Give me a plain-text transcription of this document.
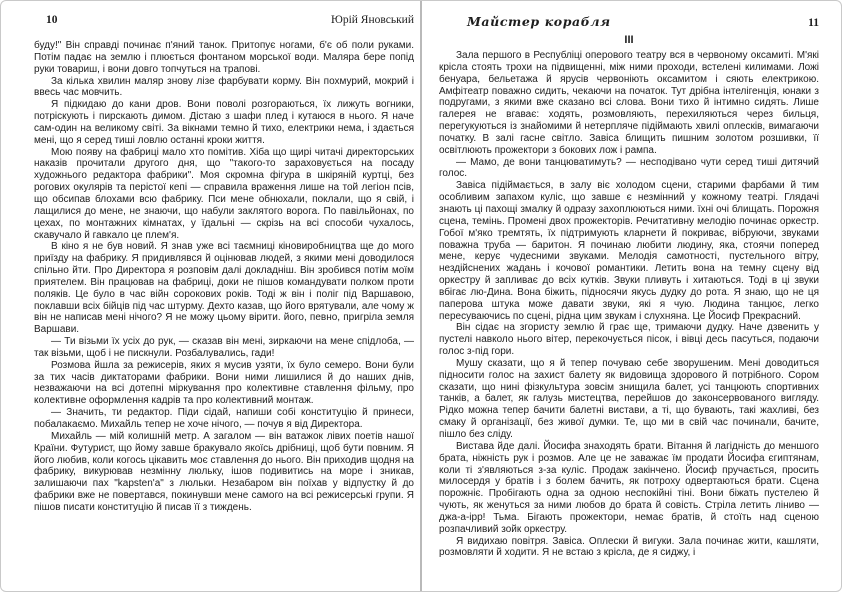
10	Юрій Яновський

буду!" Він справді починає п'яний танок. Притопує ногами, б'є об поли руками. Потім падає на землю і плюється фонтаном морської води. Маляра бере попід руки товариш, і вони довго топчуться на трапові.

За кілька хвилин маляр знову лізе фарбувати корму. Він похмурий, мокрий і ввесь час мовчить.

Я підкидаю до кани дров. Вони поволі розгораються, їх лижуть вогники, потріскують і пирскають димом. Дістаю з шафи плед і кутаюся в нього. Я наче сам-один на великому світі. За вікнами темно й тихо, електрики нема, і здається мені, що я серед тиші ловлю останні кроки життя.

Мою появу на фабриці мало хто помітив. Хіба що щирі читачі директорських наказів прочитали другого дня, що "такого-то зараховується на посаду художнього редактора фабрики". Моя скромна фігура в шкіряній куртці, без рогових окулярів та перістої кепі — справила враження лише на той легіон псів, що обсипав блохами всю фабрику. Пси мене обнюхали, поклали, що я свій, і лащилися до мене, не знаючи, що набули заклятого ворога. По павільйонах, по цехах, по монтажних кімнатах, у їдальні — скрізь на всі способи чухалось, скавучало й гавкало це плем'я.

В кіно я не був новий. Я знав уже всі таємниці кіновиробництва ще до мого приїзду на фабрику. Я придивлявся й оцінював людей, з якими мені доводилося спільно йти. Про Директора я розповім далі докладніш. Він зробився потім моїм приятелем. Він працював на фабриці, доки не пішов командувати полком проти поляків. Це було в час війн сорокових років. Тоді ж він і поліг під Варшавою, поклавши всіх бійців під час штурму. Дехто казав, що його врятували, але чому ж він не написав мені нічого? Я не можу цьому вірити. його, певно, пригріла земля Варшави.

— Ти візьми їх усіх до рук, — сказав він мені, зиркаючи на мене спідлоба, — так візьми, щоб і не пискнули. Розбалувались, гади!

Розмова йшла за режисерів, яких я мусив узяти, їх було семеро. Вони були за тих часів диктаторами фабрики. Вони ними лишилися й до наших днів, незважаючи на всі дотепні міркування про колективне ставлення фільму, про колективне оформлення кадрів та про колективний монтаж.

— Значить, ти редактор. Піди сідай, напиши собі конституцію й принеси, побалакаємо. Михайль тепер не хоче нічого, — почув я від Директора.

Михайль — мій колишній метр. А загалом — він ватажок лівих поетів нашої Країни. Футурист, що йому завше бракувало якоїсь дрібниці, щоб бути повним. Я його любив, коли когось цікавить моє ставлення до нього. Він приходив щодня на фабрику, викурював незмінну люльку, ішов подивитись на море і зникав, залишаючи пах "kapsten'a" з люльки. Незабаром він поїхав у відпустку й до фабрики вже не повертався, покинувши мене самого на всі режисерські групи. Я пішов писати конституцію й писав її з тиждень.

Майстер корабля	11
III

Зала першого в Республіці оперового театру вся в червоному оксамиті. М'які крісла стоять трохи на підвищенні, між ними проходи, встелені килимами. Ложі бенуара, бельетажа й ярусів червоніють оксамитом і сяють електрикою. Амфітеатр поважно сидить, чекаючи на початок. Тут дрібна інтелігенція, юнаки з подругами, з якими вже сказано всі слова. Вони тихо й інтимно сидять. Лише галерея не вгаває: ходять, розмовляють, перехиляються через бильця, перегукуються із знайомими й нетерпляче підіймають хвилі оплесків, вимагаючи початку. В залі гасне світло. Завіса блищить пишним золотом розшивки, її освітлюють прожектори з бокових лож і рампа.

— Мамо, де вони танцюватимуть? — несподівано чути серед тиші дитячий голос.

Завіса підіймається, в залу віє холодом сцени, старими фарбами й тим особливим запахом куліс, що завше є незмінний у кожному театрі. Глядачі знають ці пахощі змалку й одразу захоплюються ними. їхні очі блищать. Порожня сцена, темінь. Промені двох прожекторів. Речитативну мелодію починає оркестр. Гобої м'яко тремтять, їх підтримують кларнети й покриває, вібруючи, звуками поважна труба — баритон. Я починаю любити людину, яка, стоячи поперед мене, керує чудесними звуками. Мелодія самотності, пустельного вітру, нездійснених жадань і кочової романтики. Летить вона на темну сцену від оркестру й запливає до всіх кутків. Звуки пливуть і хитаються. Тоді в ці звуки вбігає лю-Дина. Вона біжить, підносячи якусь дудку до рота. Я знаю, що не ця паперова штука може давати звуки, які я чую. Людина танцює, легко пересуваючись по сцені, рідна цим звукам і слухняна. Це Йосиф Прекрасний.

Він сідає на згористу землю й грає ще, тримаючи дудку. Наче дзвенить у пустелі навколо нього вітер, перекочується пісок, і вівці десь пасуться, подаючи голос з-під гори.

Мушу сказати, що я й тепер почуваю себе зворушеним. Мені доводиться підносити голос на захист балету як видовища здорового й потрібного. Сором сказати, що нині фізкультура зовсім знищила балет, усі танцюють спортивних танків, а балет, як галузь мистецтва, перейшов до законсервованого вигляду. Рідко можна тепер бачити балетні вистави, а ті, що бувають, такі жахливі, без смаку й організації, без живої думки. Те, що ми в свій час починали, бачите, пішло без сліду.

Вистава йде далі. Йосифа знаходять брати. Вітання й лагідність до меншого брата, ніжність рук і розмов. Але це не заважає їм продати Йосифа єгиптянам, коли ті з'являються з-за куліс. Продаж закінчено. Йосиф пручається, просить милосердя у братів і з болем бачить, як потроху одвертаються брати. Сцена порожніє. Пробігають одна за одною неспокійні тіні. Вони біжать пустелею й чують, як женуться за ними любов до брата й совість. Стріла летить ліниво — джа-а-ірр! Тьма. Бігають прожектори, немає братів, й стоїть над сценою розпачливий зойк оркестру.

Я видихаю повітря. Завіса. Оплески й вигуки. Зала починає жити, кашляти, розмовляти й ходити. Я не встаю з крісла, де я сиджу, і
